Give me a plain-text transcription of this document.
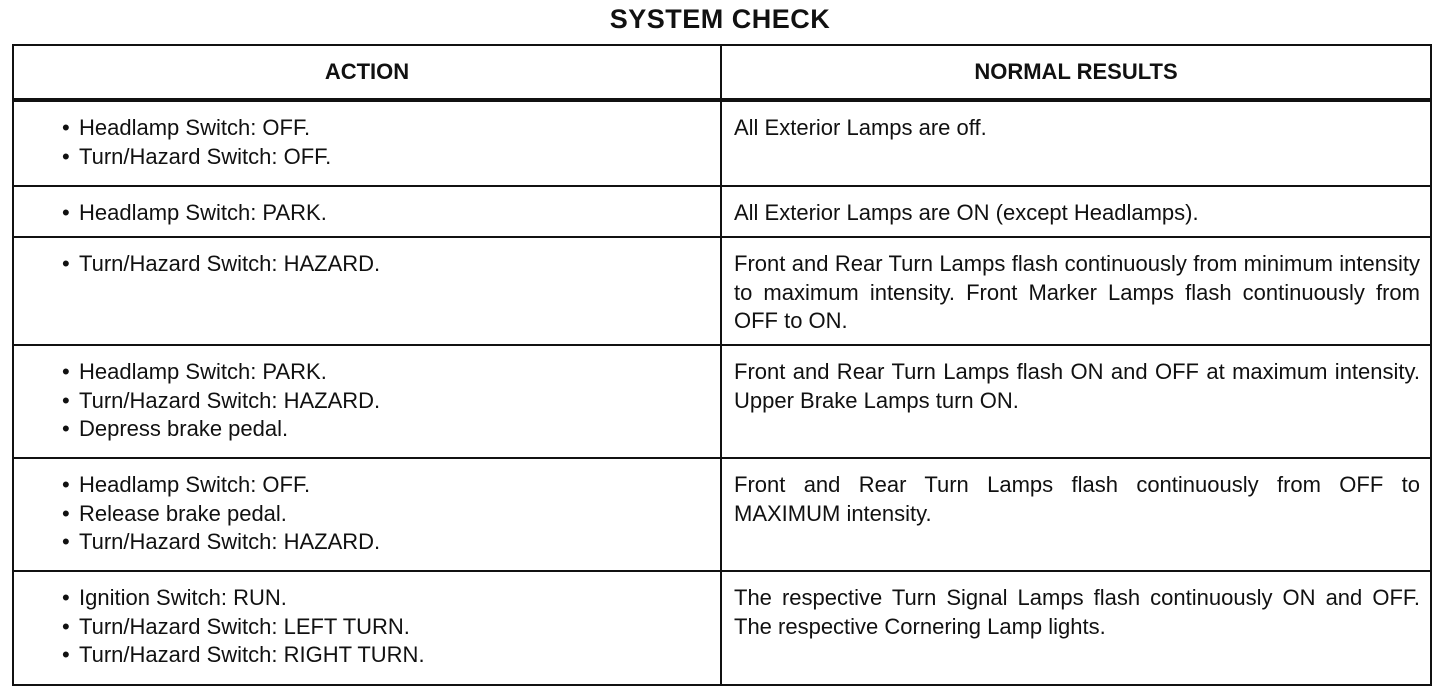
SYSTEM CHECK
ACTION	NORMAL RESULTS

• Headlamp Switch: OFF.
• Turn/Hazard Switch: OFF.	All Exterior Lamps are off.

• Headlamp Switch: PARK.	All Exterior Lamps are ON (except Headlamps).

• Turn/Hazard Switch: HAZARD.	Front and Rear Turn Lamps flash continuously from minimum intensity to maximum intensity. Front Marker Lamps flash continuously from OFF to ON.

• Headlamp Switch: PARK.
• Turn/Hazard Switch: HAZARD.
• Depress brake pedal.	Front and Rear Turn Lamps flash ON and OFF at maximum intensity. Upper Brake Lamps turn ON.

• Headlamp Switch: OFF.
• Release brake pedal.
• Turn/Hazard Switch: HAZARD.	Front and Rear Turn Lamps flash continuously from OFF to MAXIMUM intensity.

• Ignition Switch: RUN.
• Turn/Hazard Switch: LEFT TURN.
• Turn/Hazard Switch: RIGHT TURN.	The respective Turn Signal Lamps flash continuously ON and OFF. The respective Cornering Lamp lights.
